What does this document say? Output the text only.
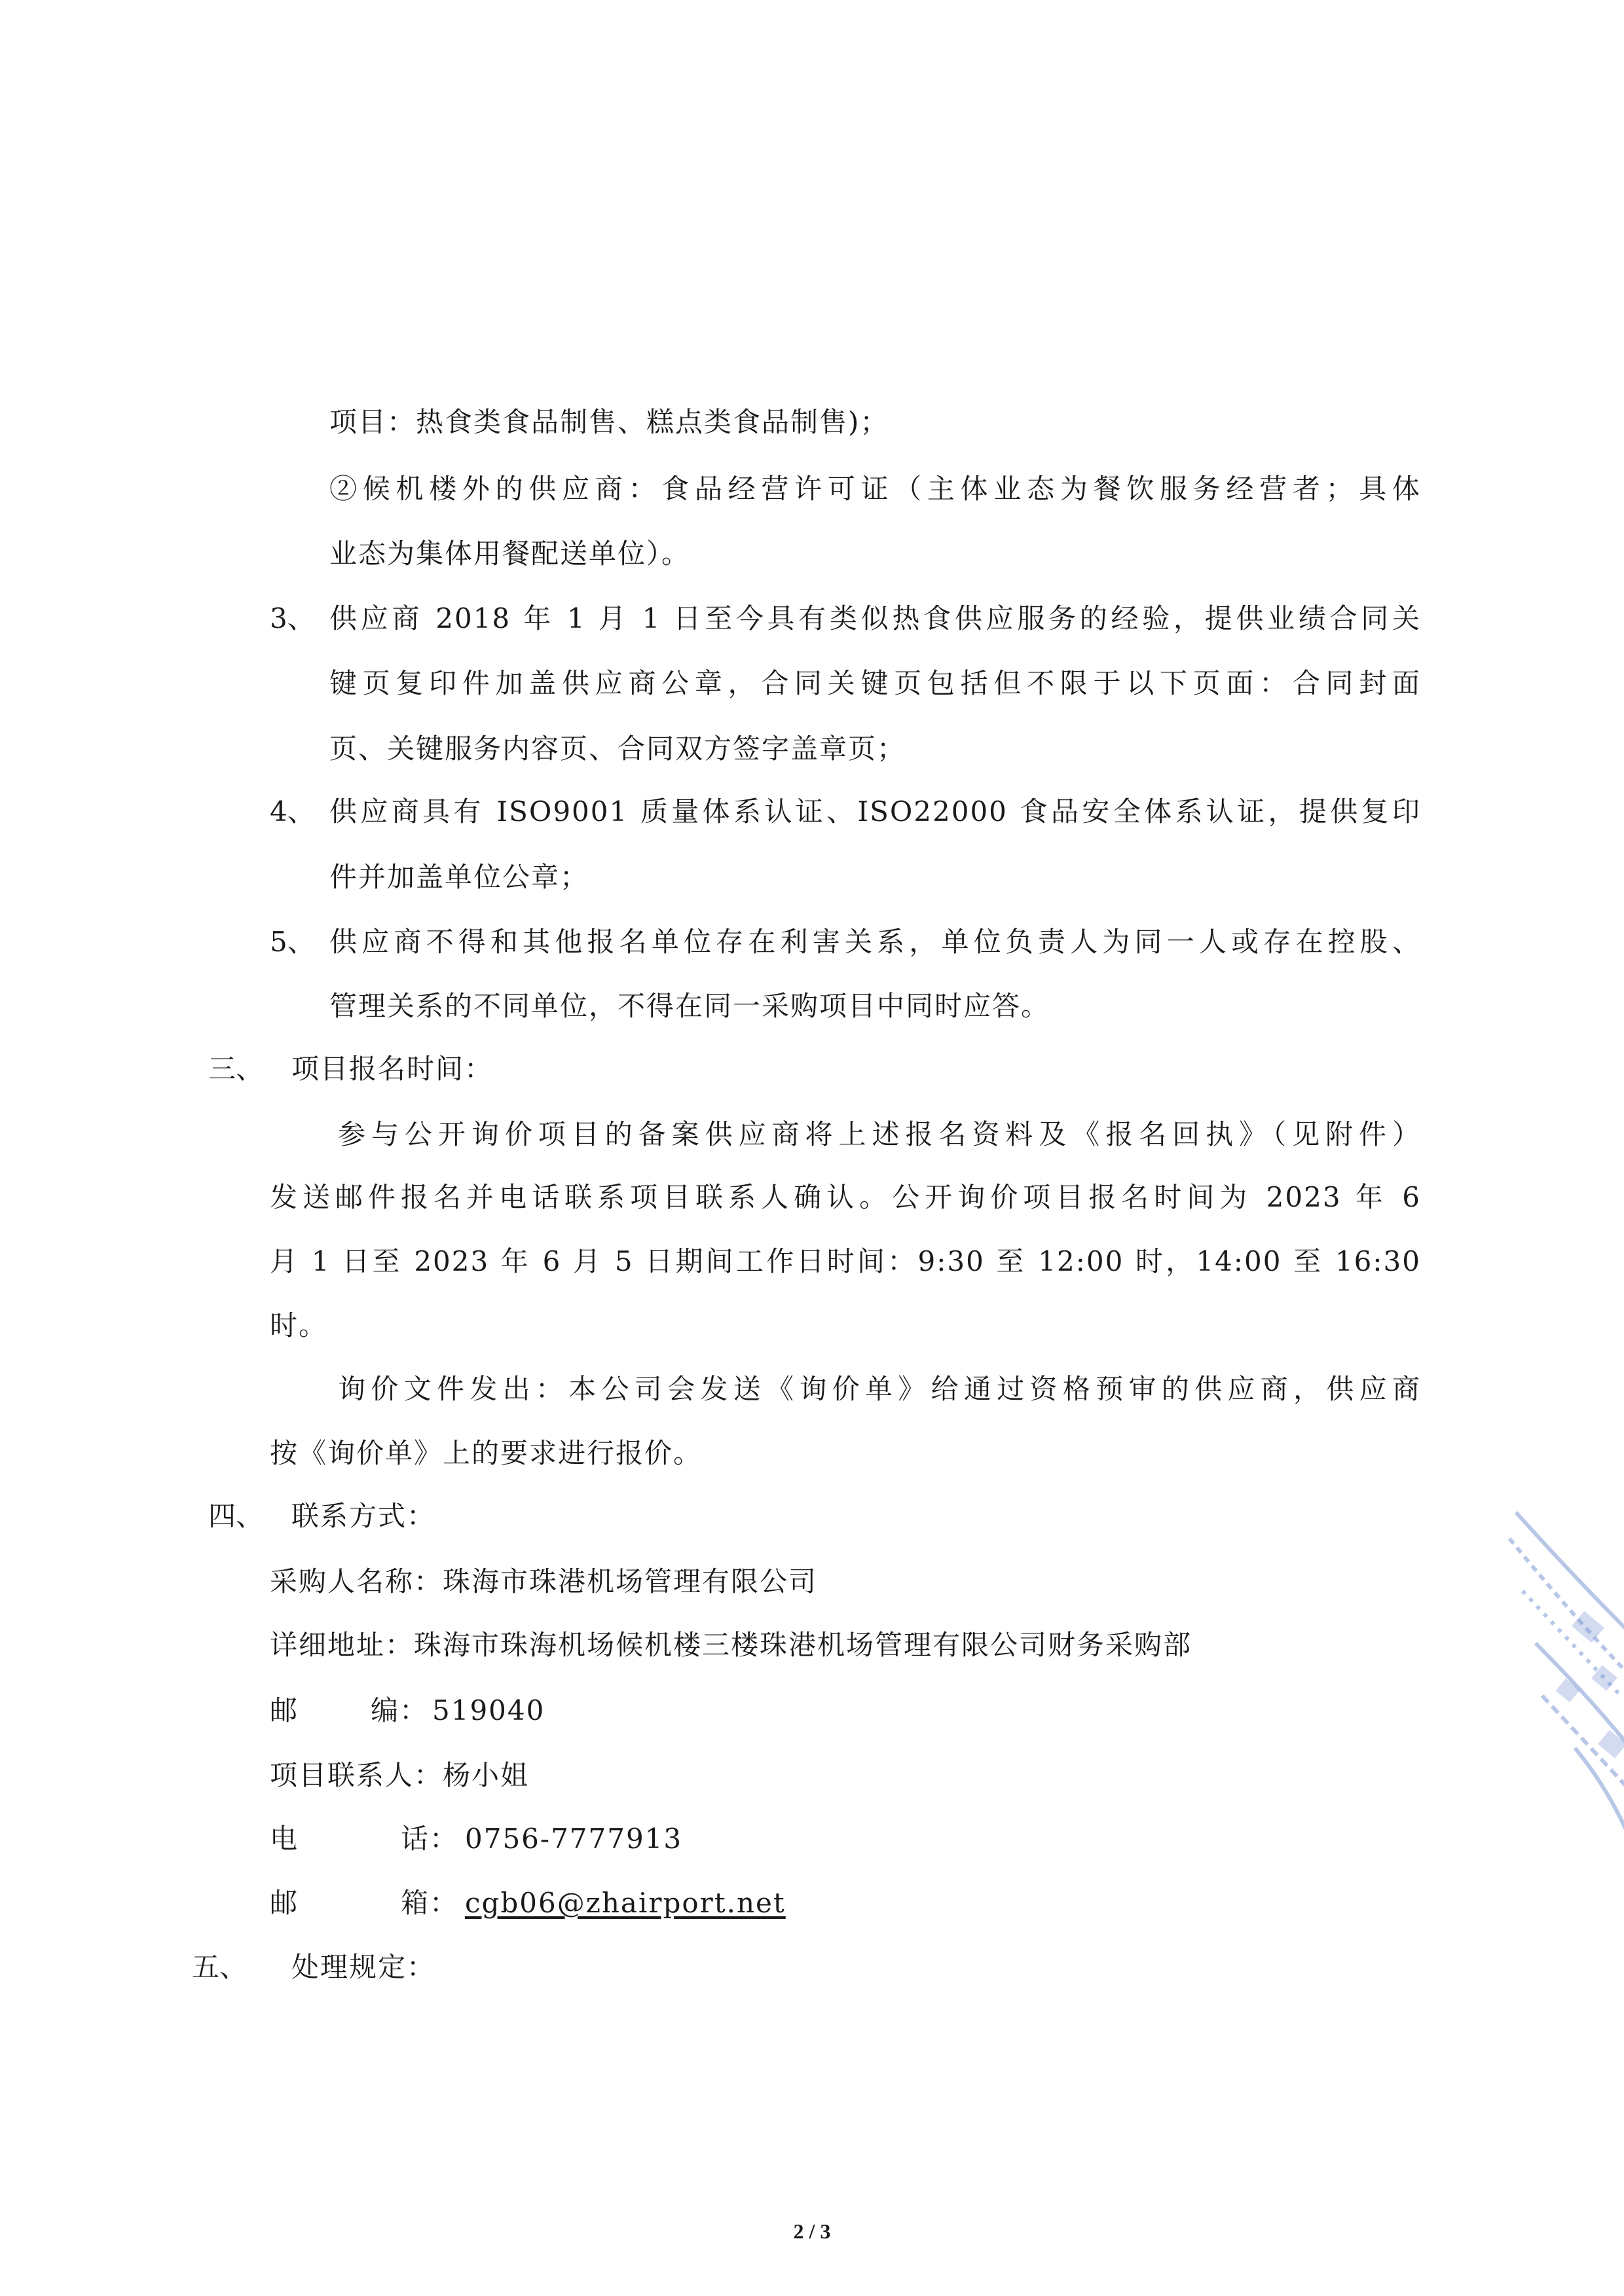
项目：热食类食品制售、糕点类食品制售)；
②候机楼外的供应商：食品经营许可证（主体业态为餐饮服务经营者；具体
业态为集体用餐配送单位）。
3、 供应商 2018 年 1 月 1 日至今具有类似热食供应服务的经验，提供业绩合同关
键页复印件加盖供应商公章，合同关键页包括但不限于以下页面：合同封面
页、关键服务内容页、合同双方签字盖章页；
4、 供应商具有 ISO9001 质量体系认证、ISO22000 食品安全体系认证，提供复印
件并加盖单位公章；
5、 供应商不得和其他报名单位存在利害关系，单位负责人为同一人或存在控股、
管理关系的不同单位，不得在同一采购项目中同时应答。
三、 项目报名时间：
参与公开询价项目的备案供应商将上述报名资料及《报名回执》（见附件）
发送邮件报名并电话联系项目联系人确认。公开询价项目报名时间为 2023 年 6
月 1 日至 2023 年 6 月 5 日期间工作日时间：9:30 至 12:00 时，14:00 至 16:30
时。
询价文件发出：本公司会发送《询价单》给通过资格预审的供应商，供应商
按《询价单》上的要求进行报价。
四、 联系方式：
采购人名称：珠海市珠港机场管理有限公司
详细地址：珠海市珠海机场候机楼三楼珠港机场管理有限公司财务采购部
邮	编： 519040
项目联系人：杨小姐
电	话： 0756-7777913
邮	箱： cgb06@zhairport.net
五、 处理规定：
2 / 3
